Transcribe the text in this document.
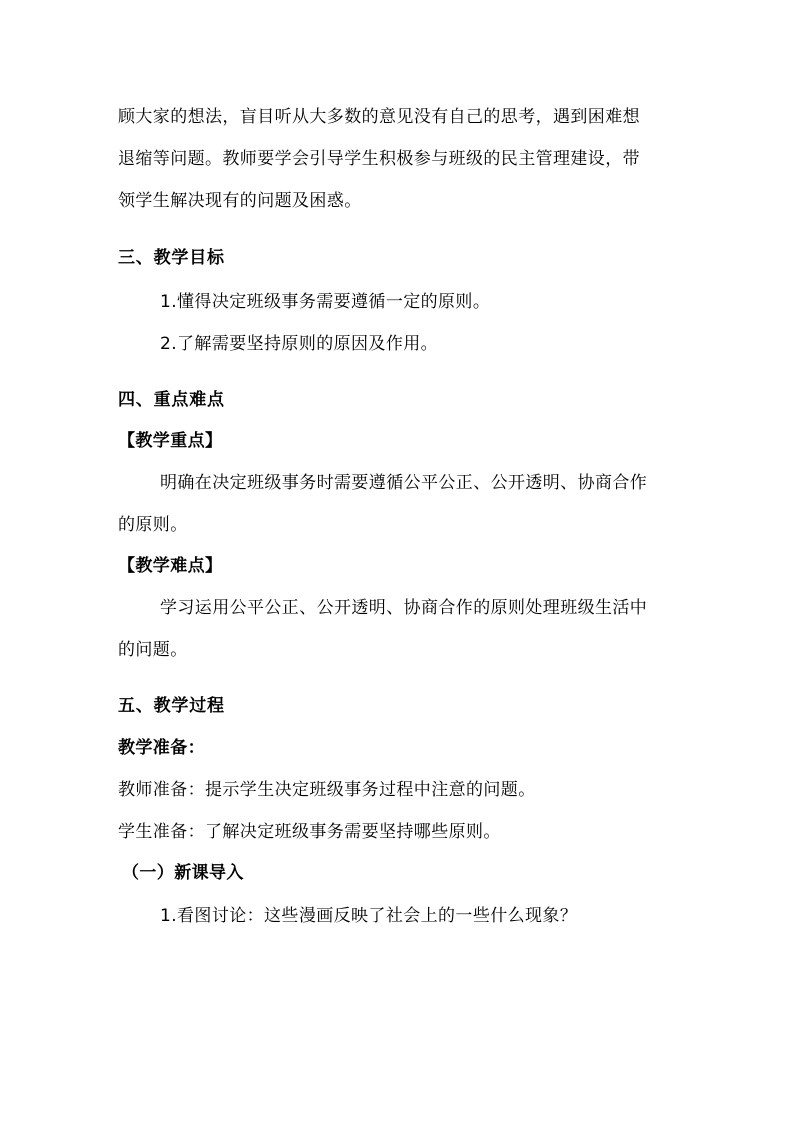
顾大家的想法，盲目听从大多数的意见没有自己的思考，遇到困难想
退缩等问题。教师要学会引导学生积极参与班级的民主管理建设，带
领学生解决现有的问题及困惑。
三、教学目标
1.懂得决定班级事务需要遵循一定的原则。
2.了解需要坚持原则的原因及作用。
四、重点难点
【教学重点】
明确在决定班级事务时需要遵循公平公正、公开透明、协商合作
的原则。
【教学难点】
学习运用公平公正、公开透明、协商合作的原则处理班级生活中
的问题。
五、教学过程
教学准备：
教师准备：提示学生决定班级事务过程中注意的问题。
学生准备：了解决定班级事务需要坚持哪些原则。
（一）新课导入
1.看图讨论：这些漫画反映了社会上的一些什么现象？
